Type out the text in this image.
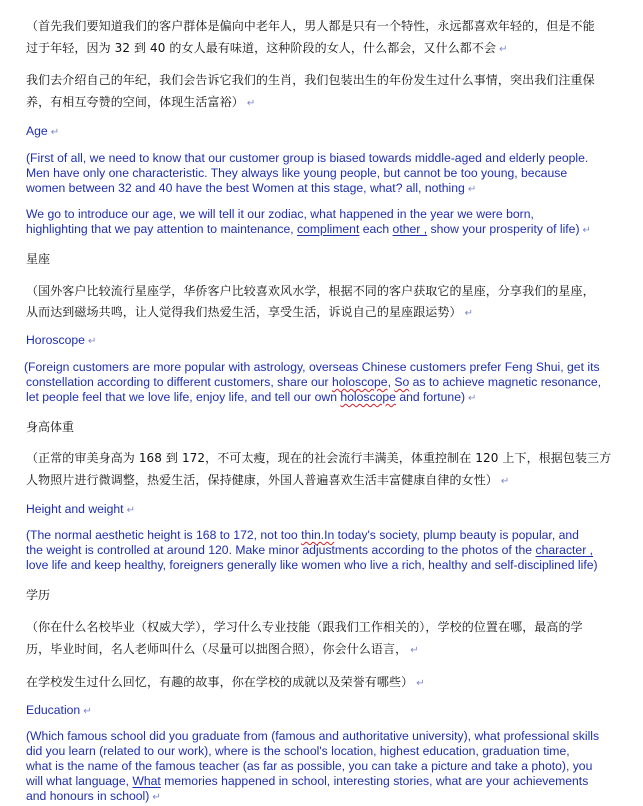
（首先我们要知道我们的客户群体是偏向中老年人，男人都是只有一个特性，永远都喜欢年轻的，但是不能
过于年轻，因为 32 到 40 的女人最有味道，这种阶段的女人，什么都会，又什么都不会 ↵
我们去介绍自己的年纪，我们会告诉它我们的生肖，我们包装出生的年份发生过什么事情，突出我们注重保
养，有相互夸赞的空间，体现生活富裕） ↵
Age ↵
(First of all, we need to know that our customer group is biased towards middle-aged and elderly people.
Men have only one characteristic. They always like young people, but cannot be too young, because
women between 32 and 40 have the best Women at this stage, what? all, nothing ↵
We go to introduce our age, we will tell it our zodiac, what happened in the year we were born,
highlighting that we pay attention to maintenance, compliment each other , show your prosperity of life) ↵
星座
（国外客户比较流行星座学，华侨客户比较喜欢风水学，根据不同的客户获取它的星座，分享我们的星座，
从而达到磁场共鸣，让人觉得我们热爱生活，享受生活，诉说自己的星座跟运势） ↵
Horoscope ↵
(Foreign customers are more popular with astrology, overseas Chinese customers prefer Feng Shui, get its
constellation according to different customers, share our holoscope, So as to achieve magnetic resonance,
let people feel that we love life, enjoy life, and tell our own holoscope and fortune) ↵
身高体重
（正常的审美身高为 168 到 172，不可太瘦，现在的社会流行丰满美，体重控制在 120 上下，根据包装三方
人物照片进行微调整，热爱生活，保持健康，外国人普遍喜欢生活丰富健康自律的女性） ↵
Height and weight ↵
(The normal aesthetic height is 168 to 172, not too thin.In today's society, plump beauty is popular, and
the weight is controlled at around 120. Make minor adjustments according to the photos of the character ,
love life and keep healthy, foreigners generally like women who live a rich, healthy and self-disciplined life)
学历
（你在什么名校毕业（权威大学），学习什么专业技能（跟我们工作相关的），学校的位置在哪，最高的学
历，毕业时间，名人老师叫什么（尽量可以拙图合照），你会什么语言， ↵
在学校发生过什么回忆，有趣的故事，你在学校的成就以及荣誉有哪些） ↵
Education ↵
(Which famous school did you graduate from (famous and authoritative university), what professional skills
did you learn (related to our work), where is the school's location, highest education, graduation time,
what is the name of the famous teacher (as far as possible, you can take a picture and take a photo), you
will what language, What memories happened in school, interesting stories, what are your achievements
and honours in school) ↵
